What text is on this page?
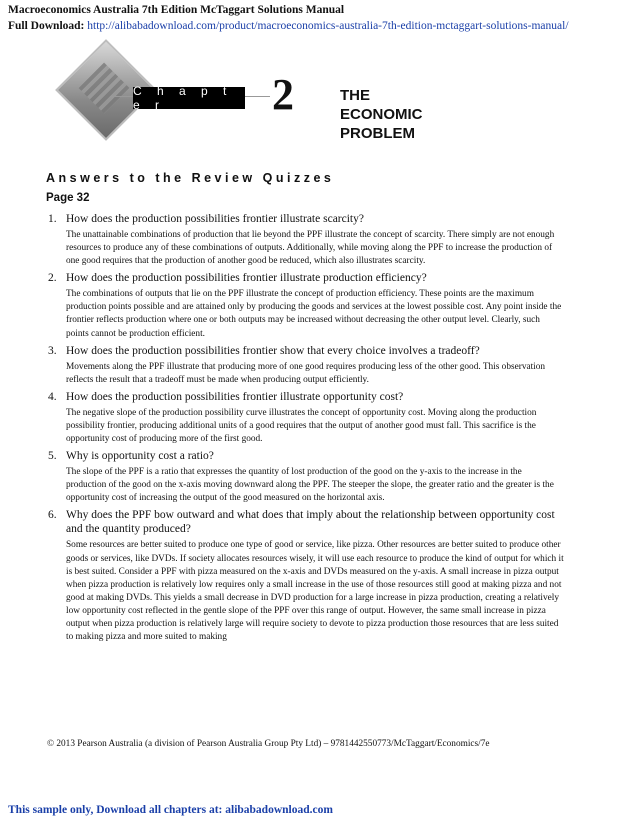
Macroeconomics Australia 7th Edition McTaggart Solutions Manual
Full Download: http://alibabadownload.com/product/macroeconomics-australia-7th-edition-mctaggart-solutions-manual/
C h a p t e r	2	THE
ECONOMIC
PROBLEM
Answers to the Review Quizzes
Page 32
1. How does the production possibilities frontier illustrate scarcity?
The unattainable combinations of production that lie beyond the PPF illustrate the concept of scarcity. There simply are not enough resources to produce any of these combinations of outputs. Additionally, while moving along the PPF to increase the production of one good requires that the production of another good be reduced, which also illustrates scarcity.
2. How does the production possibilities frontier illustrate production efficiency?
The combinations of outputs that lie on the PPF illustrate the concept of production efficiency. These points are the maximum production points possible and are attained only by producing the goods and services at the lowest possible cost. Any point inside the frontier reflects production where one or both outputs may be increased without decreasing the other output level. Clearly, such points cannot be production efficient.
3. How does the production possibilities frontier show that every choice involves a tradeoff?
Movements along the PPF illustrate that producing more of one good requires producing less of the other good. This observation reflects the result that a tradeoff must be made when producing output efficiently.
4. How does the production possibilities frontier illustrate opportunity cost?
The negative slope of the production possibility curve illustrates the concept of opportunity cost. Moving along the production possibility frontier, producing additional units of a good requires that the output of another good must fall. This sacrifice is the opportunity cost of producing more of the first good.
5. Why is opportunity cost a ratio?
The slope of the PPF is a ratio that expresses the quantity of lost production of the good on the y-axis to the increase in the production of the good on the x-axis moving downward along the PPF. The steeper the slope, the greater ratio and the greater is the opportunity cost of increasing the output of the good measured on the horizontal axis.
6. Why does the PPF bow outward and what does that imply about the relationship between opportunity cost and the quantity produced?
Some resources are better suited to produce one type of good or service, like pizza. Other resources are better suited to produce other goods or services, like DVDs. If society allocates resources wisely, it will use each resource to produce the kind of output for which it is best suited. Consider a PPF with pizza measured on the x-axis and DVDs measured on the y-axis. A small increase in pizza output when pizza production is relatively low requires only a small increase in the use of those resources still good at making pizza and not good at making DVDs. This yields a small decrease in DVD production for a large increase in pizza production, creating a relatively low opportunity cost reflected in the gentle slope of the PPF over this range of output. However, the same small increase in pizza output when pizza production is relatively large will require society to devote to pizza production those resources that are less suited to making pizza and more suited to making
© 2013 Pearson Australia (a division of Pearson Australia Group Pty Ltd) – 9781442550773/McTaggart/Economics/7e
This sample only, Download all chapters at: alibabadownload.com
